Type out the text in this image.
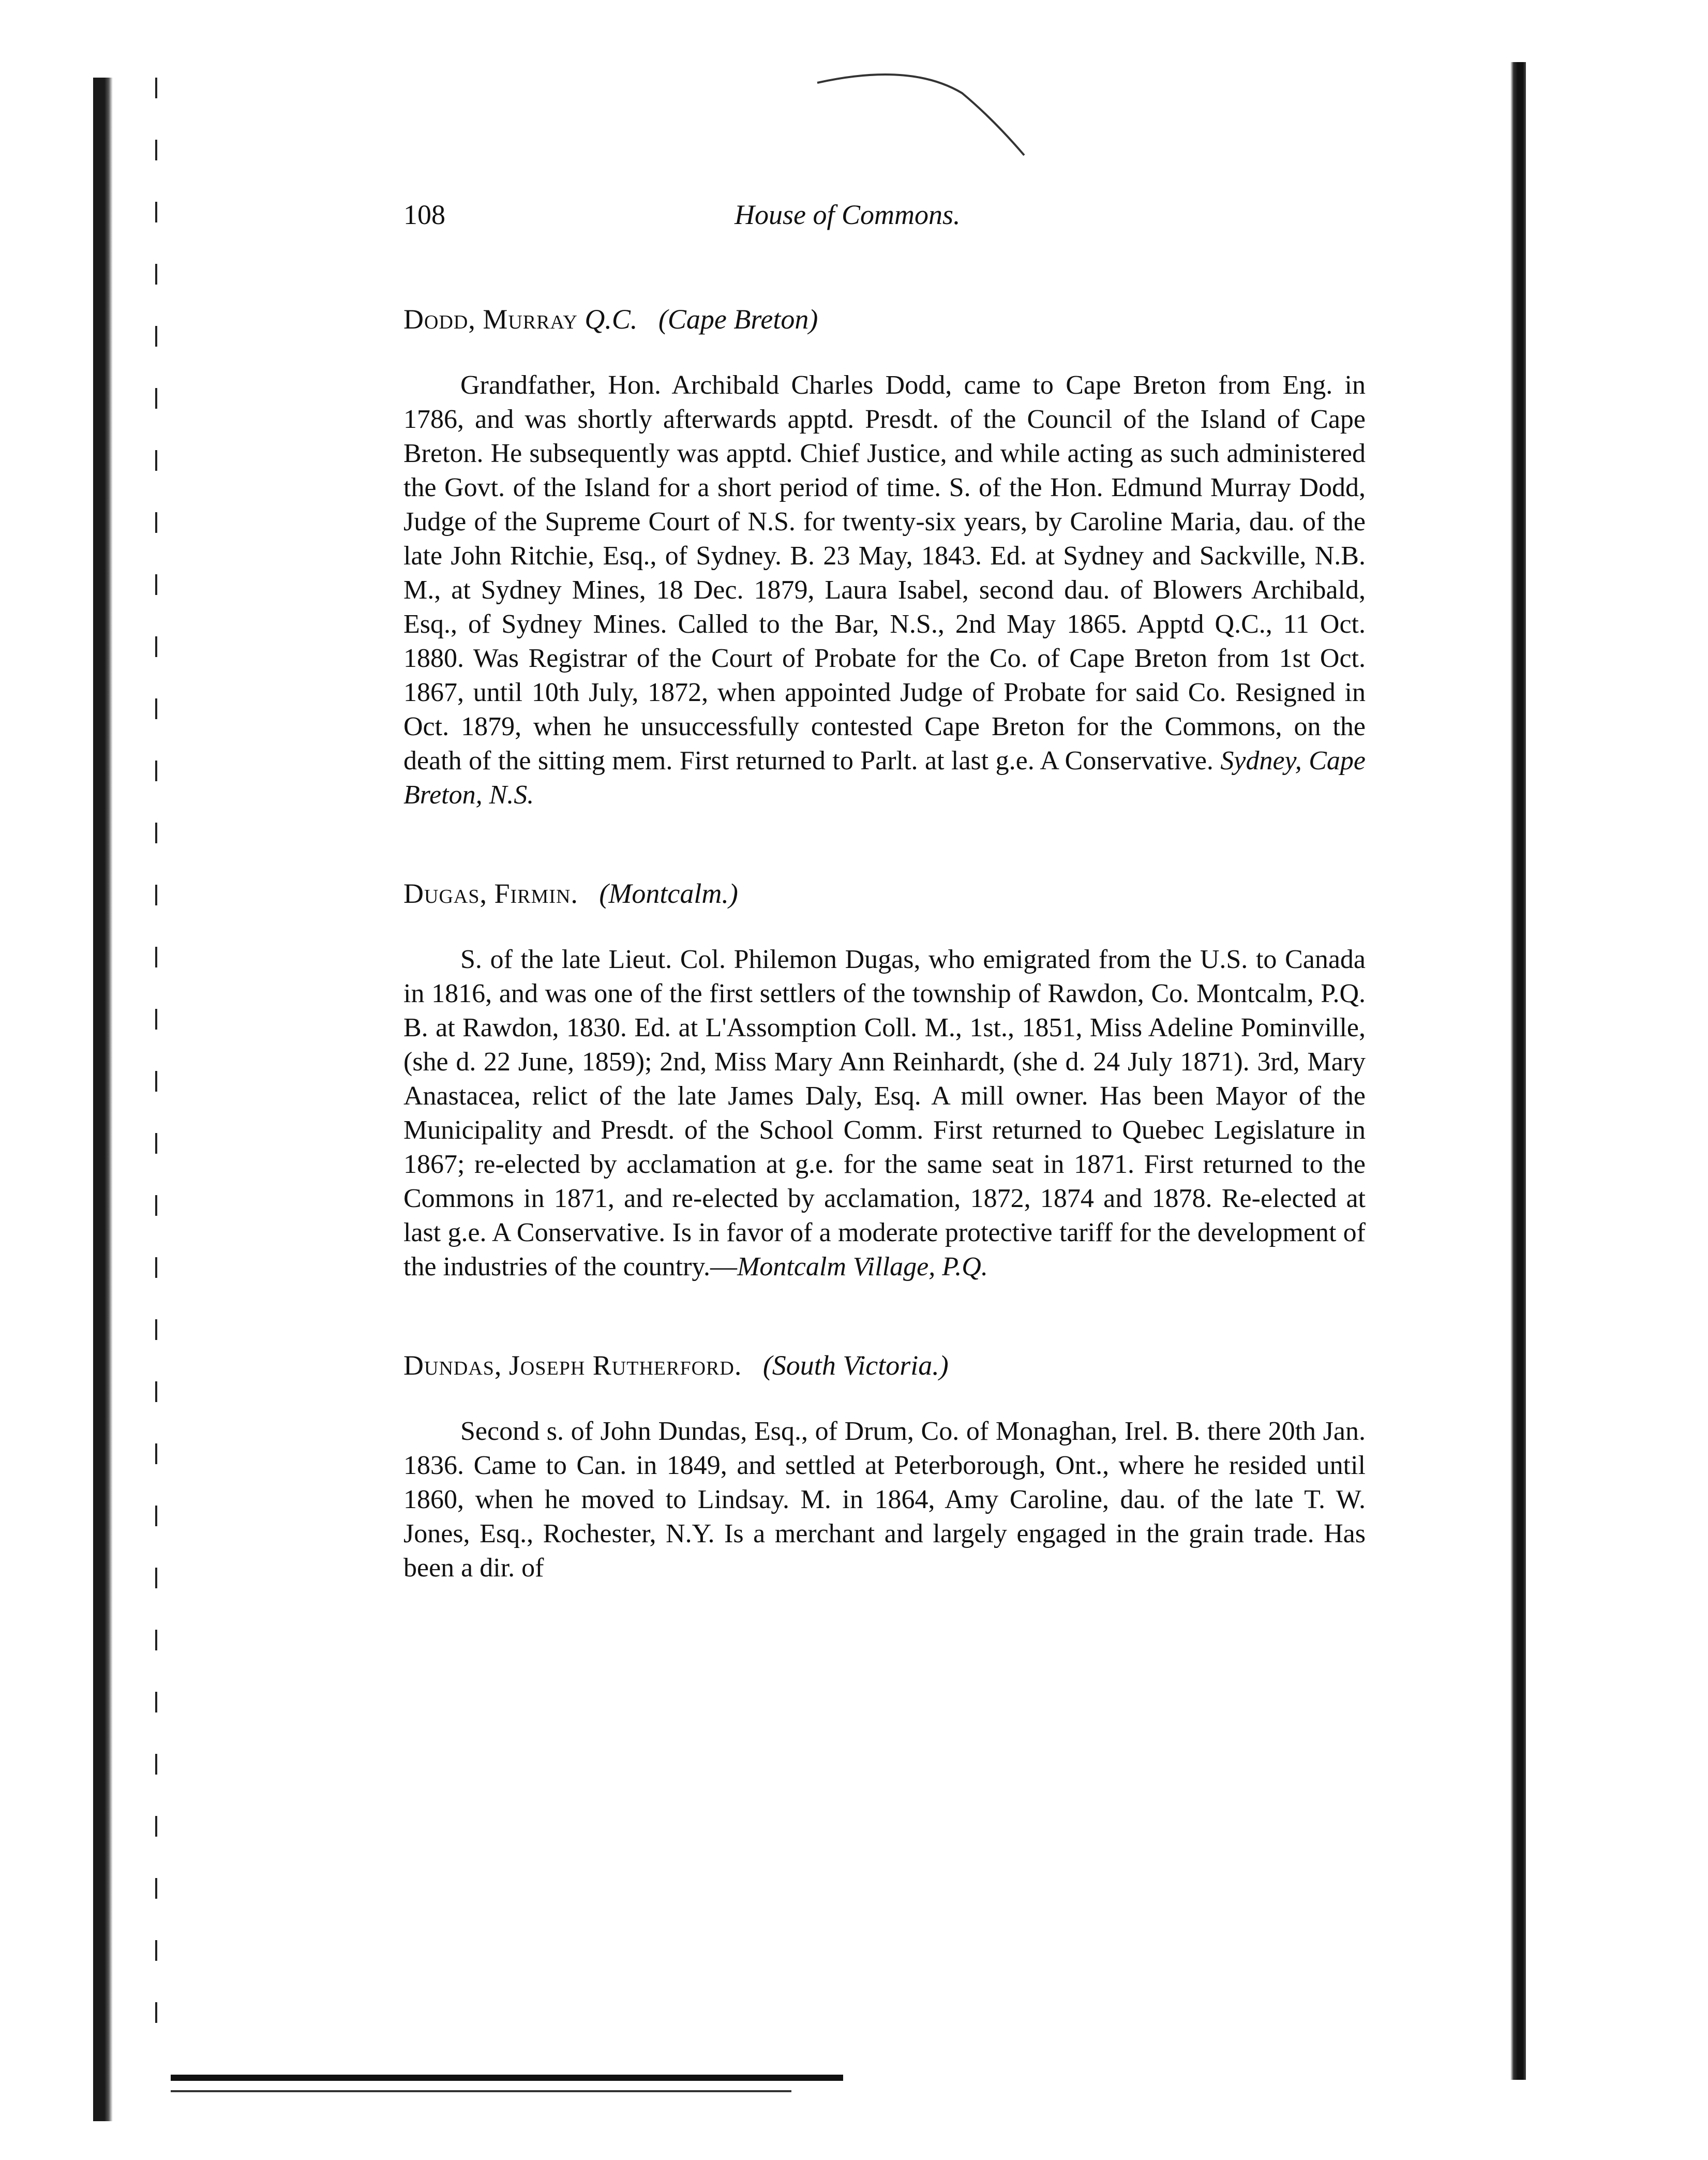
108	House of Commons.
Dodd, Murray Q.C. (Cape Breton)

Grandfather, Hon. Archibald Charles Dodd, came to Cape Breton from Eng. in 1786, and was shortly afterwards apptd. Presdt. of the Council of the Island of Cape Breton. He subsequently was apptd. Chief Justice, and while acting as such administered the Govt. of the Island for a short period of time. S. of the Hon. Edmund Murray Dodd, Judge of the Supreme Court of N.S. for twenty-six years, by Caroline Maria, dau. of the late John Ritchie, Esq., of Sydney. B. 23 May, 1843. Ed. at Sydney and Sackville, N.B. M., at Sydney Mines, 18 Dec. 1879, Laura Isabel, second dau. of Blowers Archibald, Esq., of Sydney Mines. Called to the Bar, N.S., 2nd May 1865. Apptd Q.C., 11 Oct. 1880. Was Registrar of the Court of Probate for the Co. of Cape Breton from 1st Oct. 1867, until 10th July, 1872, when appointed Judge of Probate for said Co. Resigned in Oct. 1879, when he unsuccessfully contested Cape Breton for the Commons, on the death of the sitting mem. First returned to Parlt. at last g.e. A Conservative. Sydney, Cape Breton, N.S.

Dugas, Firmin. (Montcalm.)

S. of the late Lieut. Col. Philemon Dugas, who emigrated from the U.S. to Canada in 1816, and was one of the first settlers of the township of Rawdon, Co. Montcalm, P.Q. B. at Rawdon, 1830. Ed. at L'Assomption Coll. M., 1st., 1851, Miss Adeline Pominville, (she d. 22 June, 1859); 2nd, Miss Mary Ann Reinhardt, (she d. 24 July 1871). 3rd, Mary Anastacea, relict of the late James Daly, Esq. A mill owner. Has been Mayor of the Municipality and Presdt. of the School Comm. First returned to Quebec Legislature in 1867; re-elected by acclamation at g.e. for the same seat in 1871. First returned to the Commons in 1871, and re-elected by acclamation, 1872, 1874 and 1878. Re-elected at last g.e. A Conservative. Is in favor of a moderate protective tariff for the development of the industries of the country.—Montcalm Village, P.Q.

Dundas, Joseph Rutherford. (South Victoria.)

Second s. of John Dundas, Esq., of Drum, Co. of Monaghan, Irel. B. there 20th Jan. 1836. Came to Can. in 1849, and settled at Peterborough, Ont., where he resided until 1860, when he moved to Lindsay. M. in 1864, Amy Caroline, dau. of the late T. W. Jones, Esq., Rochester, N.Y. Is a merchant and largely engaged in the grain trade. Has been a dir. of
